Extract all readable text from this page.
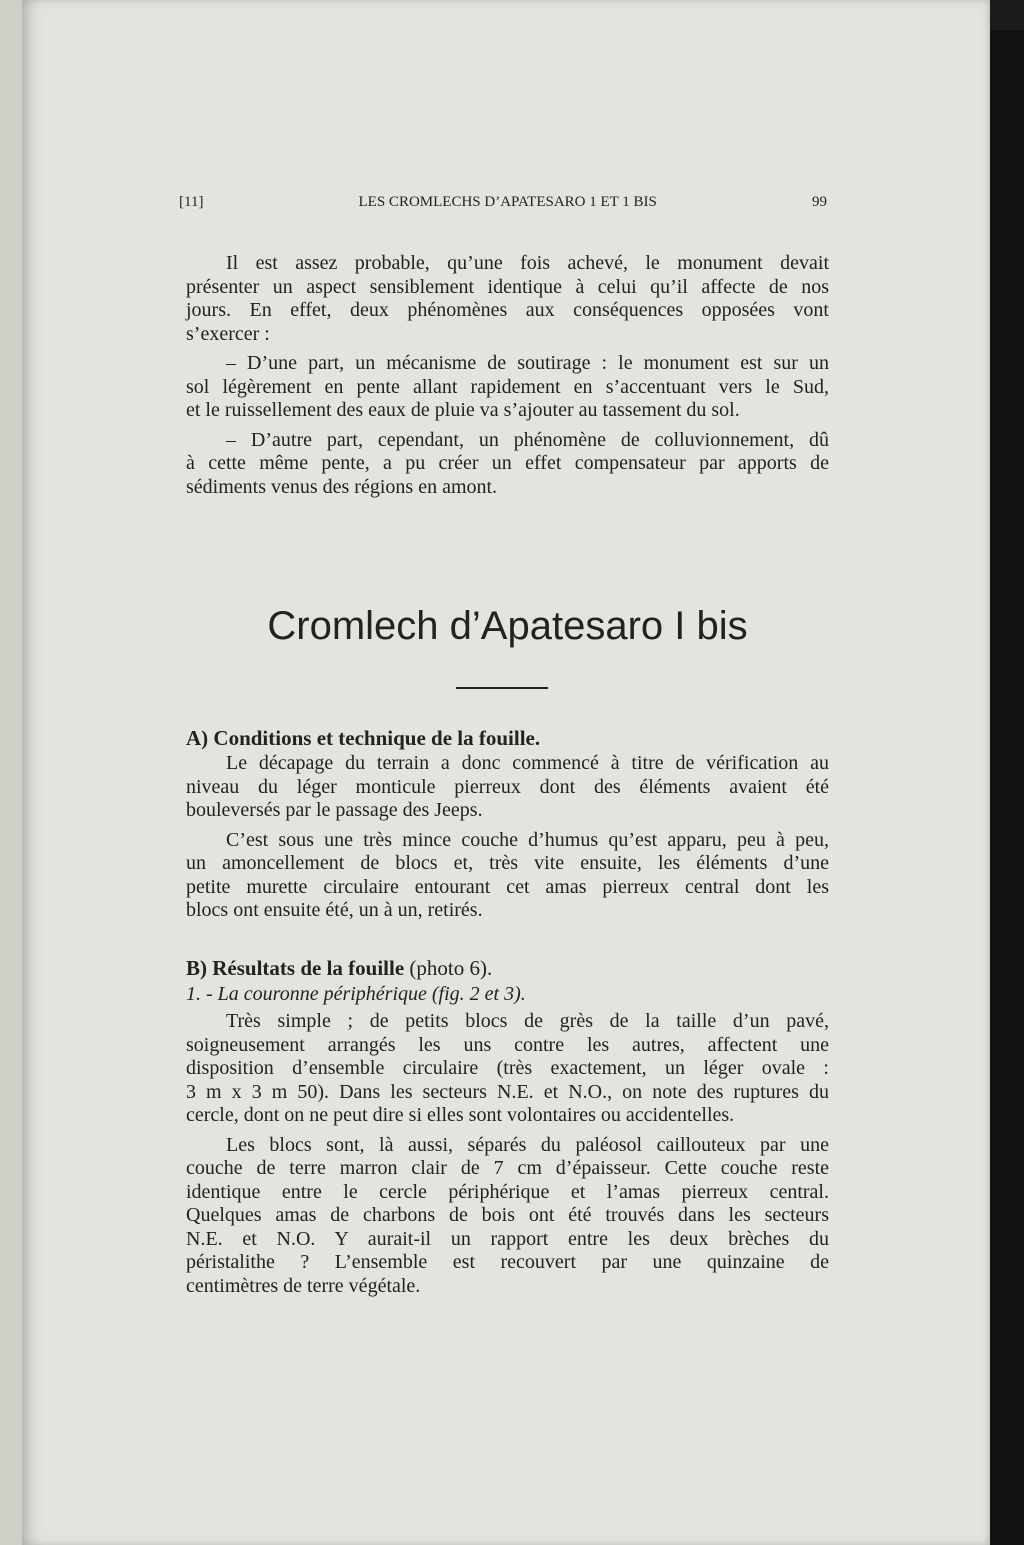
[11]	LES CROMLECHS D’APATESARO 1 ET 1 BIS	99
Il est assez probable, qu’une fois achevé, le monument devait
présenter un aspect sensiblement identique à celui qu’il affecte de nos
jours. En effet, deux phénomènes aux conséquences opposées vont
s’exercer :
– D’une part, un mécanisme de soutirage : le monument est sur un
sol légèrement en pente allant rapidement en s’accentuant vers le Sud,
et le ruissellement des eaux de pluie va s’ajouter au tassement du sol.
– D’autre part, cependant, un phénomène de colluvionnement, dû
à cette même pente, a pu créer un effet compensateur par apports de
sédiments venus des régions en amont.
Cromlech d’Apatesaro I bis
A) Conditions et technique de la fouille.
Le décapage du terrain a donc commencé à titre de vérification au
niveau du léger monticule pierreux dont des éléments avaient été
bouleversés par le passage des Jeeps.
C’est sous une très mince couche d’humus qu’est apparu, peu à peu,
un amoncellement de blocs et, très vite ensuite, les éléments d’une
petite murette circulaire entourant cet amas pierreux central dont les
blocs ont ensuite été, un à un, retirés.
B) Résultats de la fouille (photo 6).
1. - La couronne périphérique (fig. 2 et 3).
Très simple ; de petits blocs de grès de la taille d’un pavé,
soigneusement arrangés les uns contre les autres, affectent une
disposition d’ensemble circulaire (très exactement, un léger ovale :
3 m x 3 m 50). Dans les secteurs N.E. et N.O., on note des ruptures du
cercle, dont on ne peut dire si elles sont volontaires ou accidentelles.
Les blocs sont, là aussi, séparés du paléosol caillouteux par une
couche de terre marron clair de 7 cm d’épaisseur. Cette couche reste
identique entre le cercle périphérique et l’amas pierreux central.
Quelques amas de charbons de bois ont été trouvés dans les secteurs
N.E. et N.O. Y aurait-il un rapport entre les deux brèches du
péristalithe ? L’ensemble est recouvert par une quinzaine de
centimètres de terre végétale.
